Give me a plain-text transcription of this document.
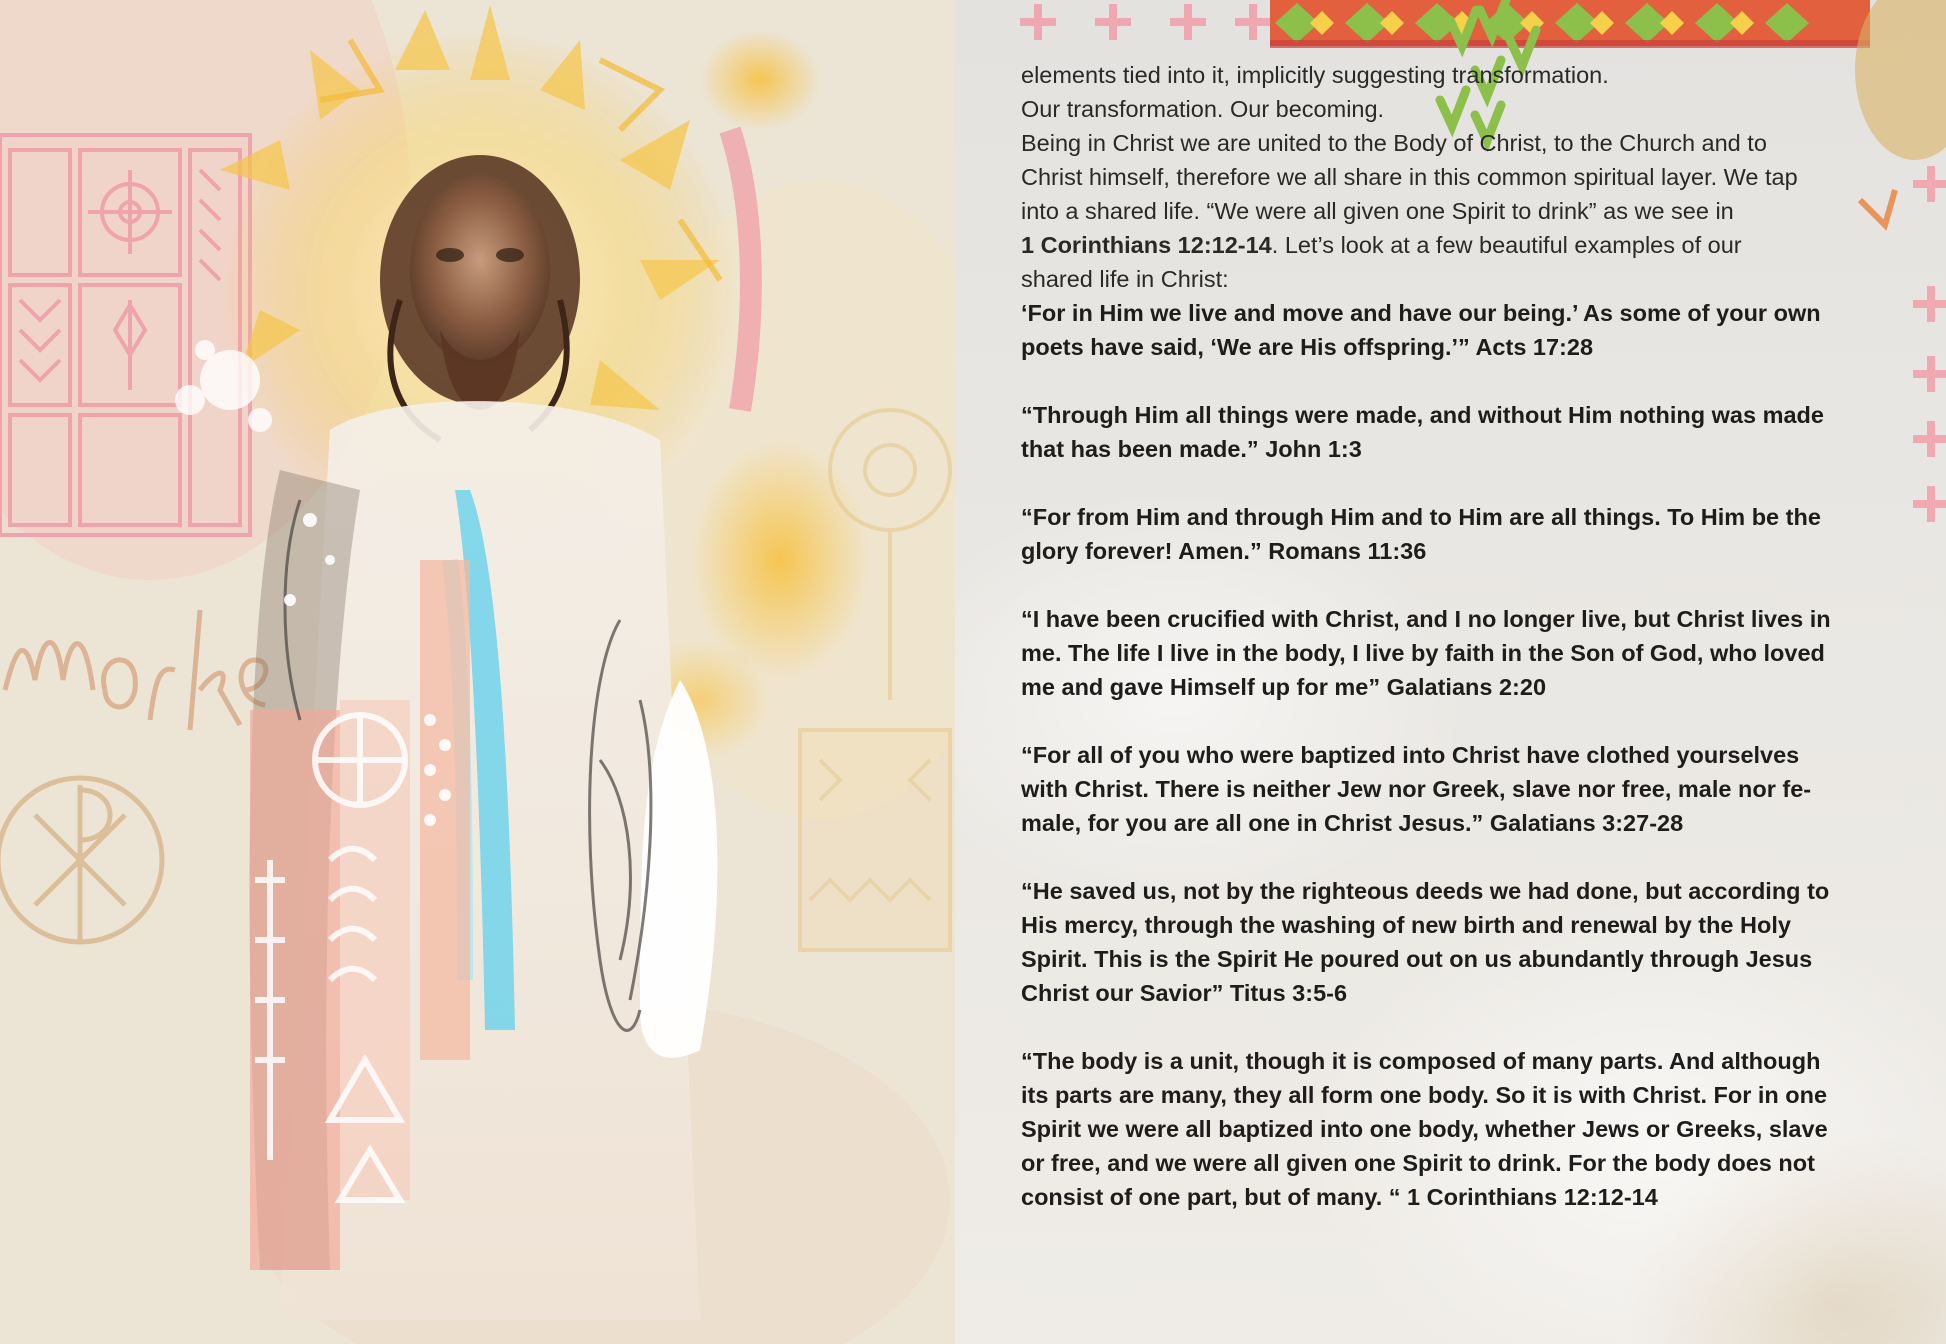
elements tied into it, implicitly suggesting transformation.
Our transformation. Our becoming.
Being in Christ we are united to the Body of Christ, to the Church and to
Christ himself, therefore we all share in this common spiritual layer. We tap
into a shared life. “We were all given one Spirit to drink” as we see in
1 Corinthians 12:12-14. Let’s look at a few beautiful examples of our
shared life in Christ:
‘For in Him we live and move and have our being.’ As some of your own
poets have said, ‘We are His offspring.’” Acts 17:28
“Through Him all things were made, and without Him nothing was made
that has been made.” John 1:3
“For from Him and through Him and to Him are all things. To Him be the
glory forever! Amen.” Romans 11:36
“I have been crucified with Christ, and I no longer live, but Christ lives in
me. The life I live in the body, I live by faith in the Son of God, who loved
me and gave Himself up for me” Galatians 2:20
“For all of you who were baptized into Christ have clothed yourselves
with Christ. There is neither Jew nor Greek, slave nor free, male nor fe-
male, for you are all one in Christ Jesus.” Galatians 3:27-28
“He saved us, not by the righteous deeds we had done, but according to
His mercy, through the washing of new birth and renewal by the Holy
Spirit. This is the Spirit He poured out on us abundantly through Jesus
Christ our Savior” Titus 3:5-6
“The body is a unit, though it is composed of many parts. And although
its parts are many, they all form one body. So it is with Christ. For in one
Spirit we were all baptized into one body, whether Jews or Greeks, slave
or free, and we were all given one Spirit to drink. For the body does not
consist of one part, but of many. “ 1 Corinthians 12:12-14
